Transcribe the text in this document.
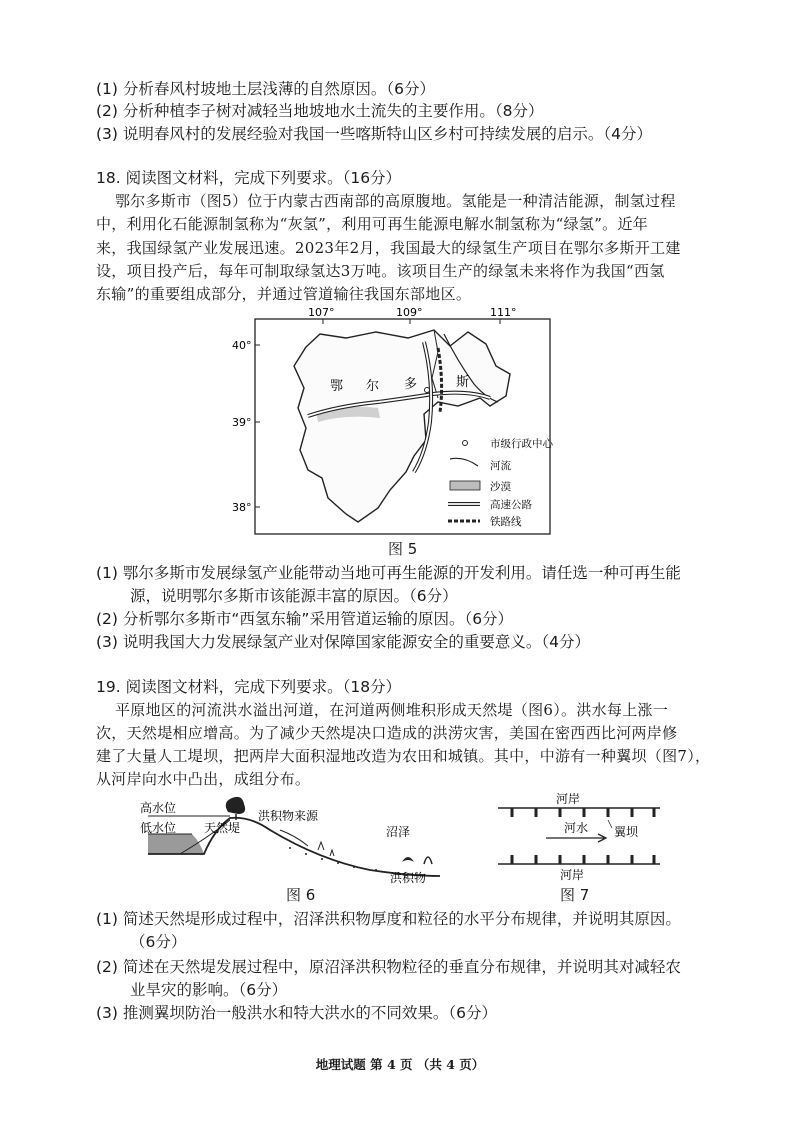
(1) 分析春风村坡地土层浅薄的自然原因。（6分）
(2) 分析种植李子树对减轻当地坡地水土流失的主要作用。（8分）
(3) 说明春风村的发展经验对我国一些喀斯特山区乡村可持续发展的启示。（4分）
18. 阅读图文材料，完成下列要求。（16分）
鄂尔多斯市（图5）位于内蒙古西南部的高原腹地。氢能是一种清洁能源，制氢过程
中，利用化石能源制氢称为“灰氢”，利用可再生能源电解水制氢称为“绿氢”。近年
来，我国绿氢产业发展迅速。2023年2月，我国最大的绿氢生产项目在鄂尔多斯开工建
设，项目投产后，每年可制取绿氢达3万吨。该项目生产的绿氢未来将作为我国“西氢
东输”的重要组成部分，并通过管道输往我国东部地区。
107°	109°	111°
40°
39°
38°
鄂 尔 多	斯
市级行政中心
河流
沙漠
高速公路
铁路线
图 5
(1) 鄂尔多斯市发展绿氢产业能带动当地可再生能源的开发利用。请任选一种可再生能
源，说明鄂尔多斯市该能源丰富的原因。（6分）
(2) 分析鄂尔多斯市“西氢东输”采用管道运输的原因。（6分）
(3) 说明我国大力发展绿氢产业对保障国家能源安全的重要意义。（4分）
19. 阅读图文材料，完成下列要求。（18分）
平原地区的河流洪水溢出河道，在河道两侧堆积形成天然堤（图6）。洪水每上涨一
次，天然堤相应增高。为了减少天然堤决口造成的洪涝灾害，美国在密西西比河两岸修
建了大量人工堤坝，把两岸大面积湿地改造为农田和城镇。其中，中游有一种翼坝（图7），
从河岸向水中凸出，成组分布。
高水位
低水位 天然堤
洪积物来源
沼泽
洪积物
图 6
河岸
河水 翼坝
河岸
图 7
(1) 简述天然堤形成过程中，沼泽洪积物厚度和粒径的水平分布规律，并说明其原因。
（6分）
(2) 简述在天然堤发展过程中，原沼泽洪积物粒径的垂直分布规律，并说明其对减轻农
业旱灾的影响。（6分）
(3) 推测翼坝防治一般洪水和特大洪水的不同效果。（6分）
地理试题 第 4 页 （共 4 页）
